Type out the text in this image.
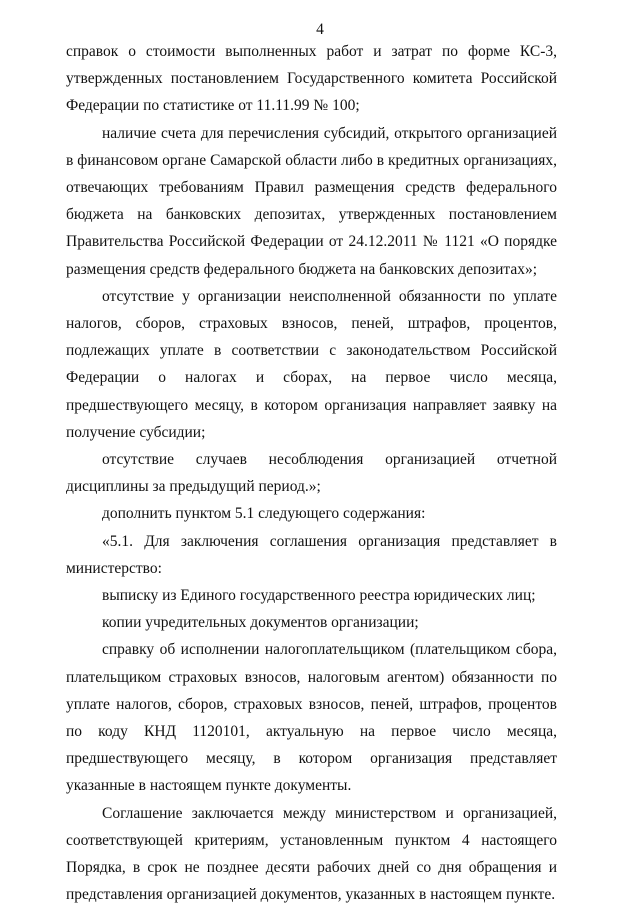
4

справок о стоимости выполненных работ и затрат по форме КС-3, утвержденных постановлением Государственного комитета Российской Федерации по статистике от 11.11.99 № 100;

наличие счета для перечисления субсидий, открытого организацией в финансовом органе Самарской области либо в кредитных организациях, отвечающих требованиям Правил размещения средств федерального бюджета на банковских депозитах, утвержденных постановлением Правительства Российской Федерации от 24.12.2011 № 1121 «О порядке размещения средств федерального бюджета на банковских депозитах»;

отсутствие у организации неисполненной обязанности по уплате налогов, сборов, страховых взносов, пеней, штрафов, процентов, подлежащих уплате в соответствии с законодательством Российской Федерации о налогах и сборах, на первое число месяца, предшествующего месяцу, в котором организация направляет заявку на получение субсидии;

отсутствие случаев несоблюдения организацией отчетной дисциплины за предыдущий период.»;

дополнить пунктом 5.1 следующего содержания:

«5.1. Для заключения соглашения организация представляет в министерство:

выписку из Единого государственного реестра юридических лиц;

копии учредительных документов организации;

справку об исполнении налогоплательщиком (плательщиком сбора, плательщиком страховых взносов, налоговым агентом) обязанности по уплате налогов, сборов, страховых взносов, пеней, штрафов, процентов по коду КНД 1120101, актуальную на первое число месяца, предшествующего месяцу, в котором организация представляет указанные в настоящем пункте документы.

Соглашение заключается между министерством и организацией, соответствующей критериям, установленным пунктом 4 настоящего Порядка, в срок не позднее десяти рабочих дней со дня обращения и представления организацией документов, указанных в настоящем пункте.
